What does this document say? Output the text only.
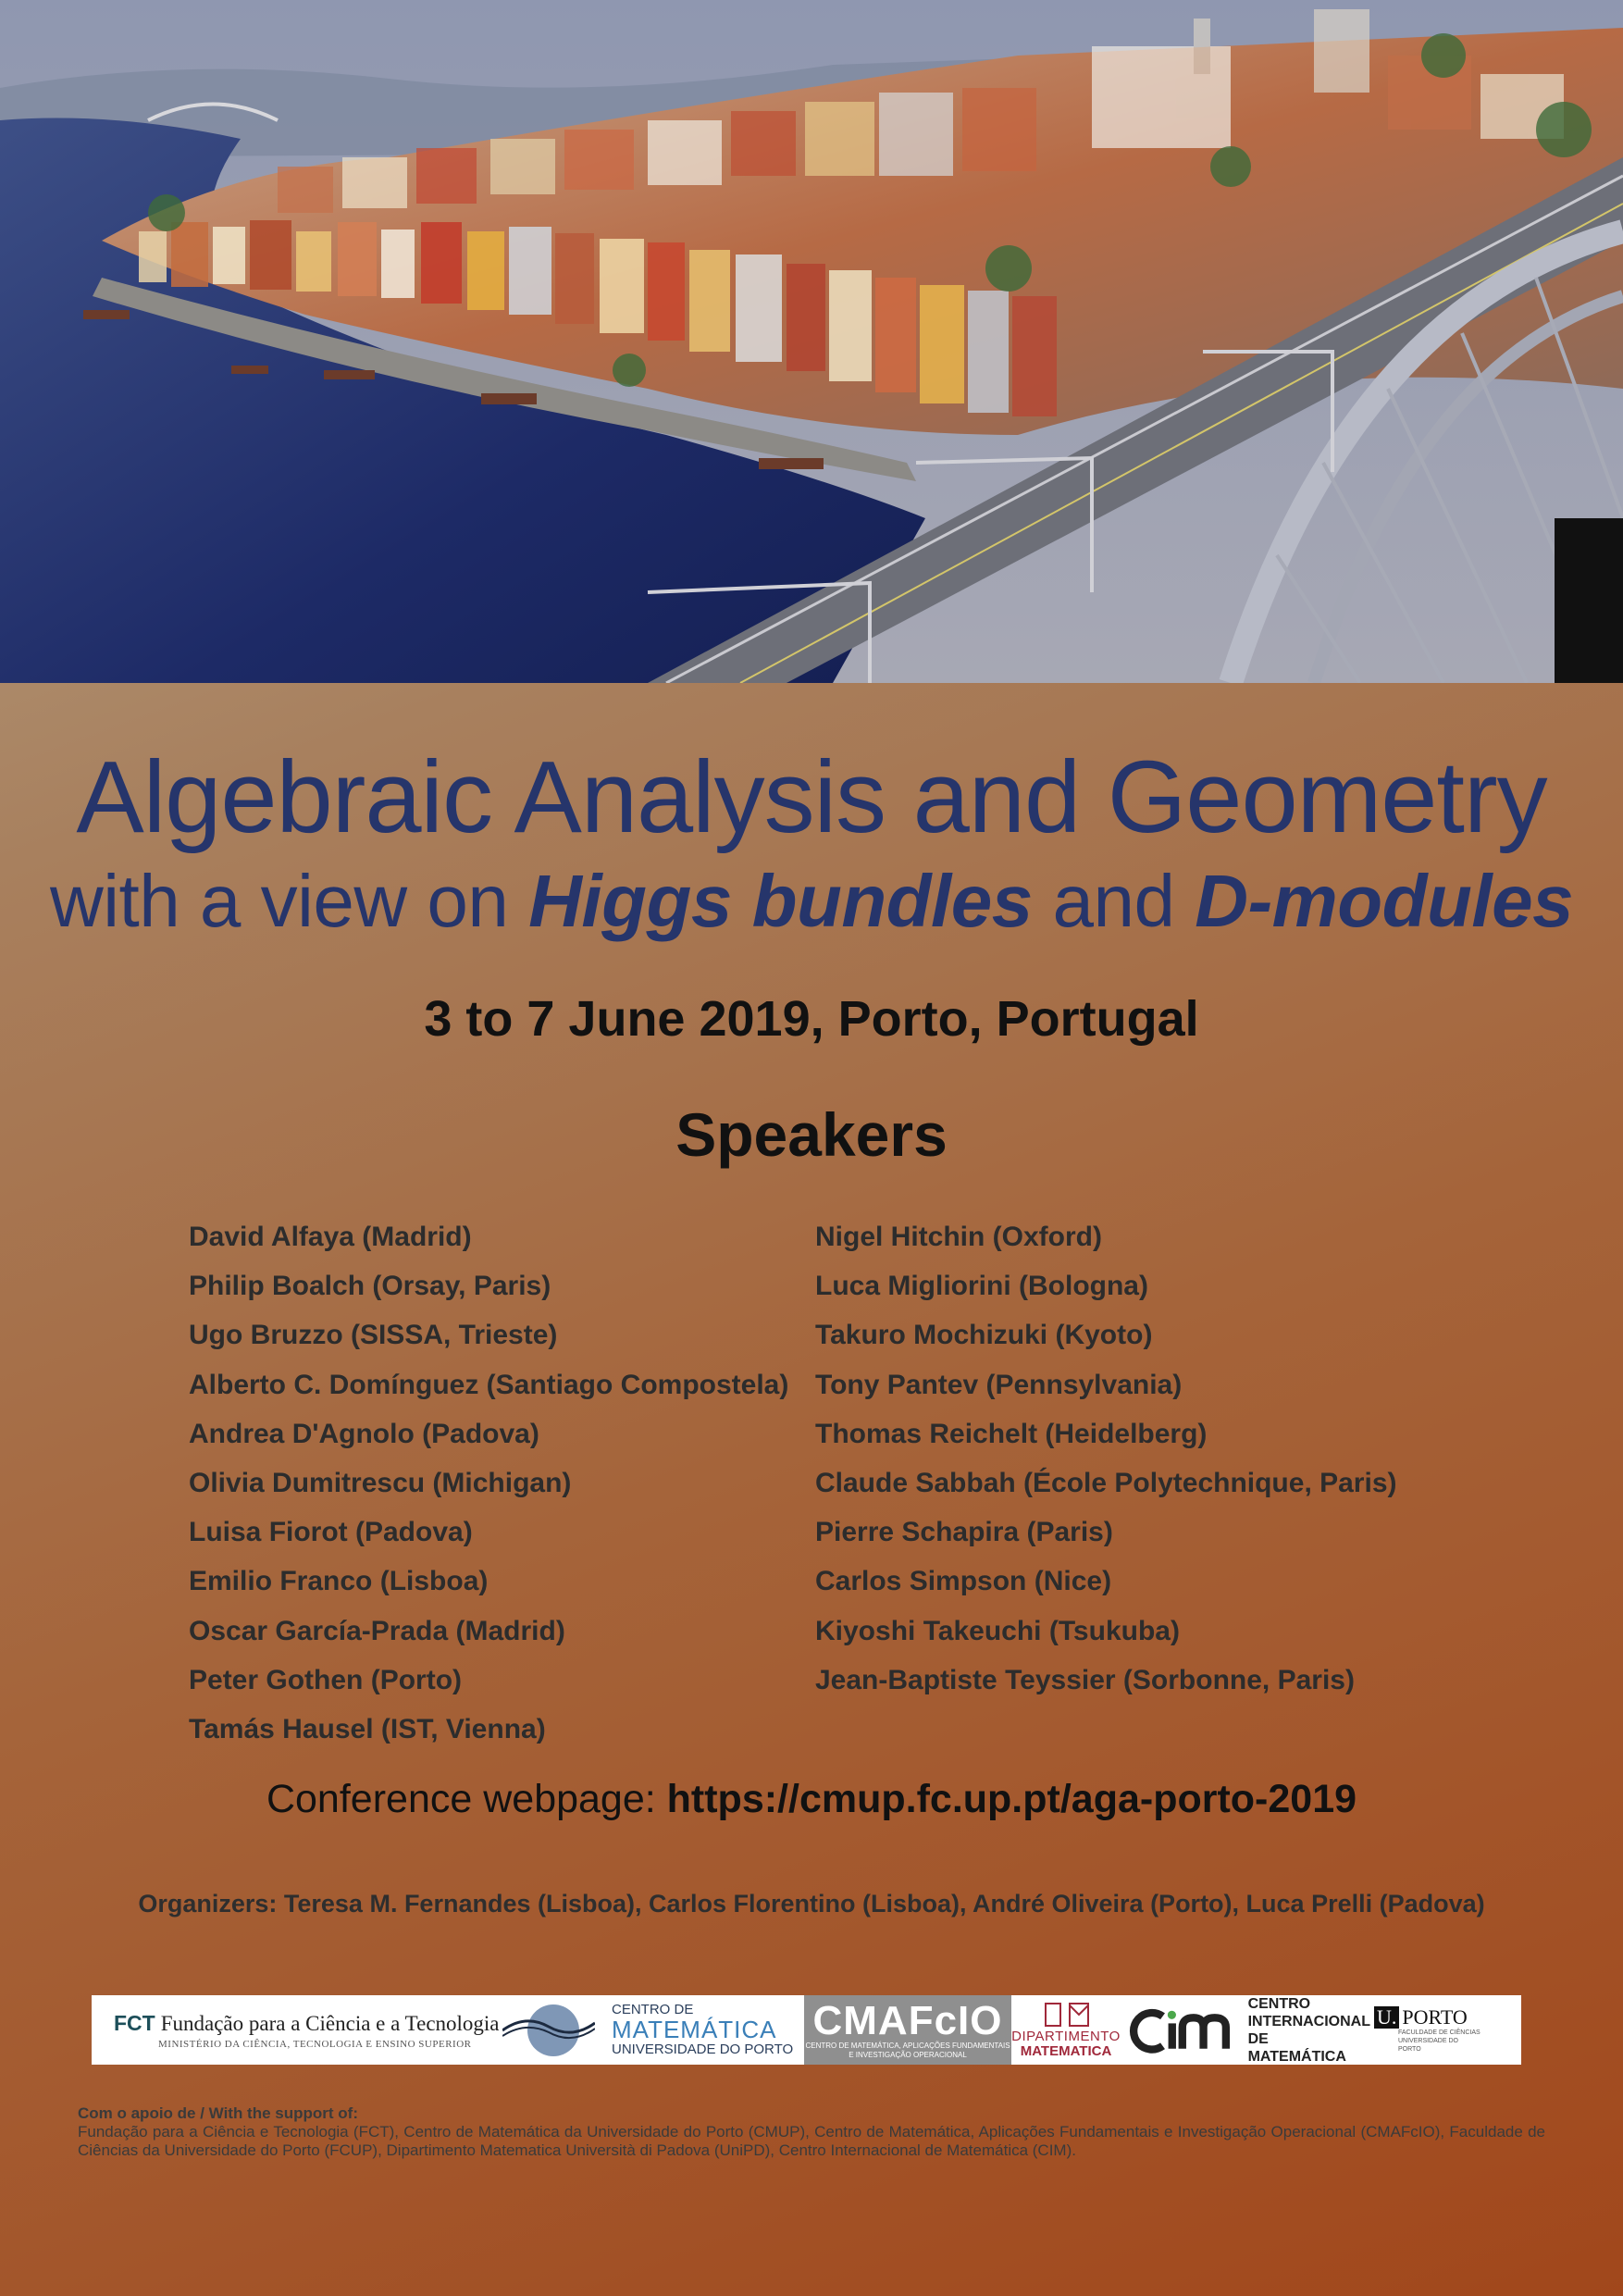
Algebraic Analysis and Geometry
with a view on Higgs bundles and D-modules
3 to 7 June 2019, Porto, Portugal
Speakers
David Alfaya (Madrid)
Philip Boalch (Orsay, Paris)
Ugo Bruzzo (SISSA, Trieste)
Alberto C. Domínguez (Santiago Compostela)
Andrea D'Agnolo (Padova)
Olivia Dumitrescu (Michigan)
Luisa Fiorot (Padova)
Emilio Franco (Lisboa)
Oscar García-Prada (Madrid)
Peter Gothen (Porto)
Tamás Hausel (IST, Vienna)
Nigel Hitchin (Oxford)
Luca Migliorini (Bologna)
Takuro Mochizuki (Kyoto)
Tony Pantev (Pennsylvania)
Thomas Reichelt (Heidelberg)
Claude Sabbah (École Polytechnique, Paris)
Pierre Schapira (Paris)
Carlos Simpson (Nice)
Kiyoshi Takeuchi (Tsukuba)
Jean-Baptiste Teyssier (Sorbonne, Paris)
Conference webpage: https://cmup.fc.up.pt/aga-porto-2019
Organizers: Teresa M. Fernandes (Lisboa), Carlos Florentino (Lisboa), André Oliveira (Porto), Luca Prelli (Padova)
FCT Fundação para a Ciência e a Tecnologia
MINISTÉRIO DA CIÊNCIA, TECNOLOGIA E ENSINO SUPERIOR
CENTRO DE
MATEMÁTICA
UNIVERSIDADE DO PORTO
CMAFcIO
CENTRO DE MATEMÁTICA, APLICAÇÕES FUNDAMENTAIS E INVESTIGAÇÃO OPERACIONAL
DIPARTIMENTO
MATEMATICA
CENTRO
INTERNACIONAL
DE MATEMÁTICA
U. PORTO
FACULDADE DE CIÊNCIAS UNIVERSIDADE DO PORTO
Com o apoio de / With the support of:
Fundação para a Ciência e Tecnologia (FCT), Centro de Matemática da Universidade do Porto (CMUP), Centro de Matemática, Aplicações Fundamentais e Investigação Operacional (CMAFcIO), Faculdade de Ciências da Universidade do Porto (FCUP), Dipartimento Matematica Università di Padova (UniPD), Centro Internacional de Matemática (CIM).
